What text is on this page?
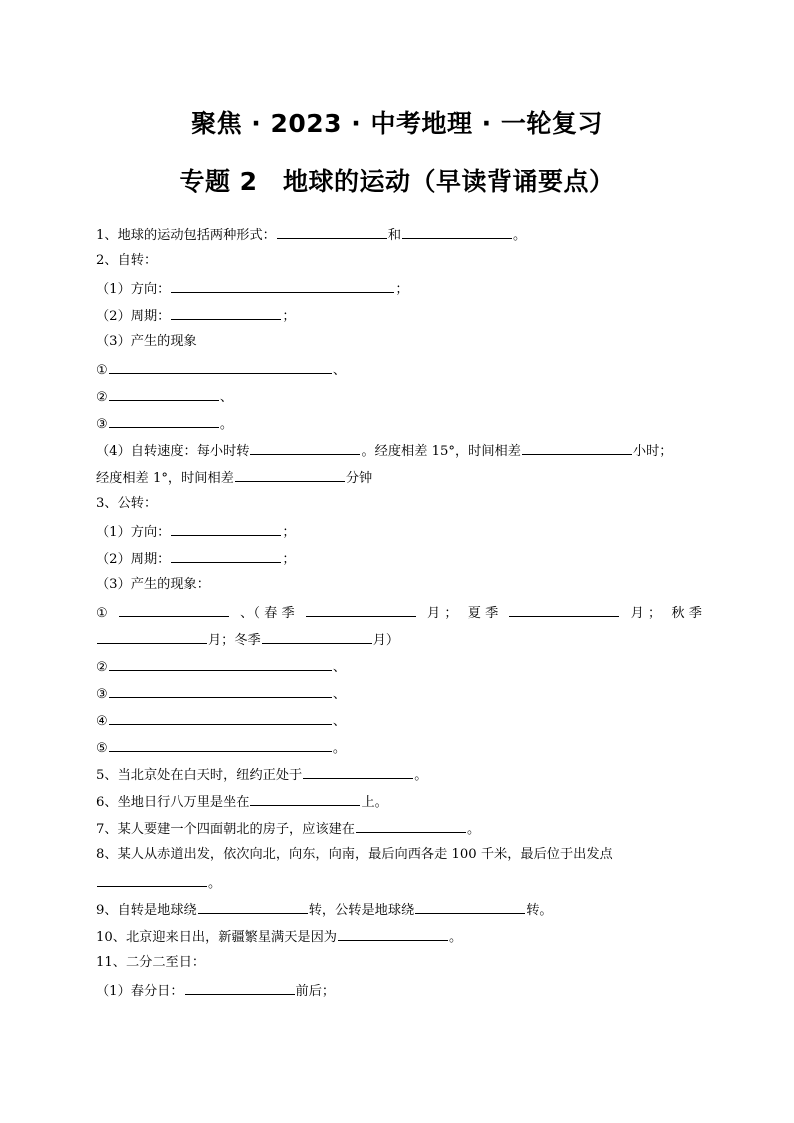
聚焦 · 2023 · 中考地理 · 一轮复习
专题 2　地球的运动（早读背诵要点）
1、地球的运动包括两种形式：	和	。
2、自转：
（1）方向：	；
（2）周期：	；
（3）产生的现象
①	、
②	、
③	。
（4）自转速度：每小时转	。经度相差 15°，时间相差	小时；
经度相差 1°，时间相差	分钟
3、公转：
（1）方向：	；
（2）周期：	；
（3）产生的现象：
①	、（ 春 季	月 ； 夏 季	月 ； 秋 季
月；冬季	月）
②	、
③	、
④	、
⑤	。
5、当北京处在白天时，纽约正处于	。
6、坐地日行八万里是坐在	上。
7、某人要建一个四面朝北的房子，应该建在	。
8、某人从赤道出发，依次向北，向东，向南，最后向西各走 100 千米，最后位于出发点
。
9、自转是地球绕	转，公转是地球绕	转。
10、北京迎来日出，新疆繁星满天是因为	。
11、二分二至日：
（1）春分日：	前后；
